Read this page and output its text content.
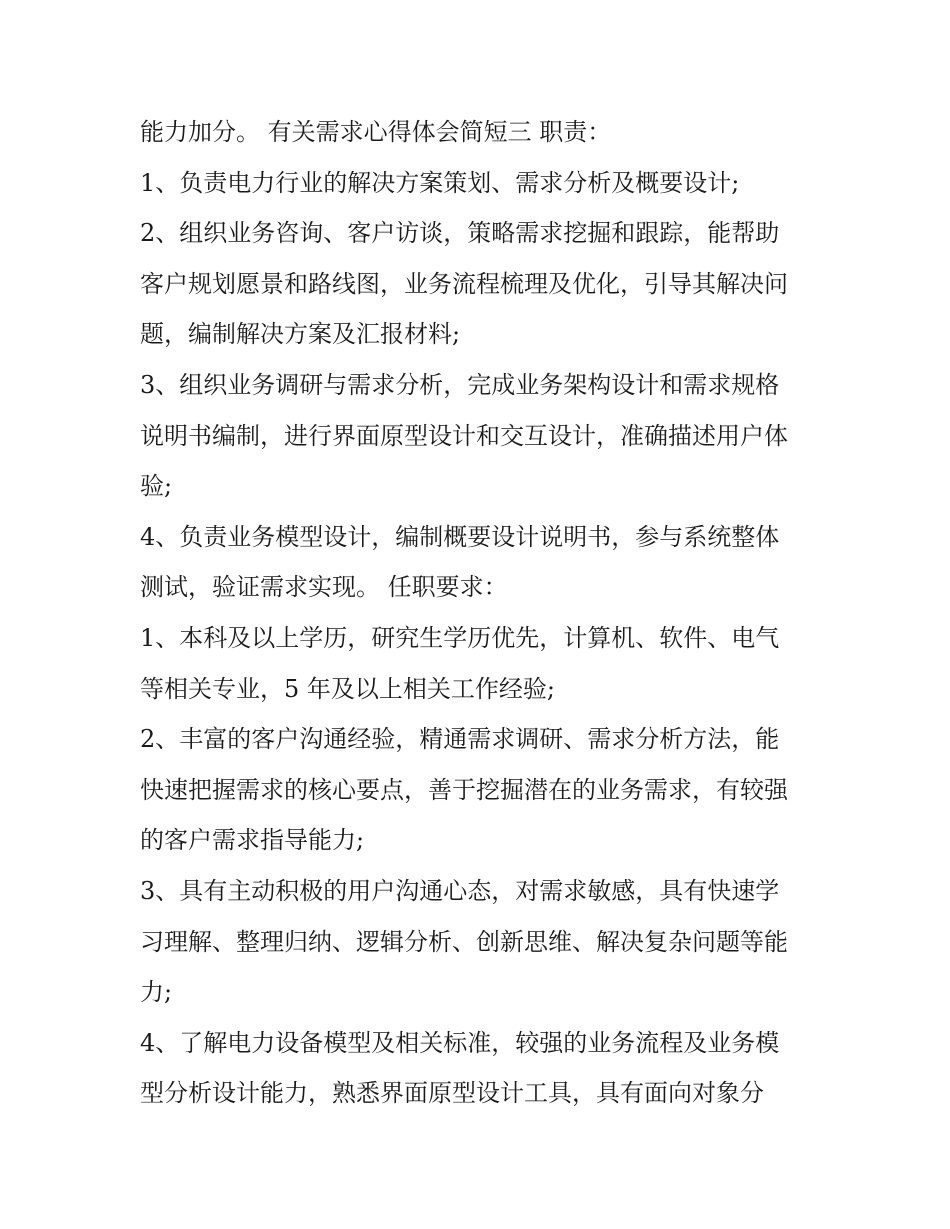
能力加分。 有关需求心得体会简短三 职责：
1、负责电力行业的解决方案策划、需求分析及概要设计;
2、组织业务咨询、客户访谈，策略需求挖掘和跟踪，能帮助
客户规划愿景和路线图，业务流程梳理及优化，引导其解决问
题，编制解决方案及汇报材料;
3、组织业务调研与需求分析，完成业务架构设计和需求规格
说明书编制，进行界面原型设计和交互设计，准确描述用户体
验;
4、负责业务模型设计，编制概要设计说明书，参与系统整体
测试，验证需求实现。 任职要求：
1、本科及以上学历，研究生学历优先，计算机、软件、电气
等相关专业，5 年及以上相关工作经验;
2、丰富的客户沟通经验，精通需求调研、需求分析方法，能
快速把握需求的核心要点，善于挖掘潜在的业务需求，有较强
的客户需求指导能力;
3、具有主动积极的用户沟通心态，对需求敏感，具有快速学
习理解、整理归纳、逻辑分析、创新思维、解决复杂问题等能
力;
4、了解电力设备模型及相关标准，较强的业务流程及业务模
型分析设计能力，熟悉界面原型设计工具，具有面向对象分
